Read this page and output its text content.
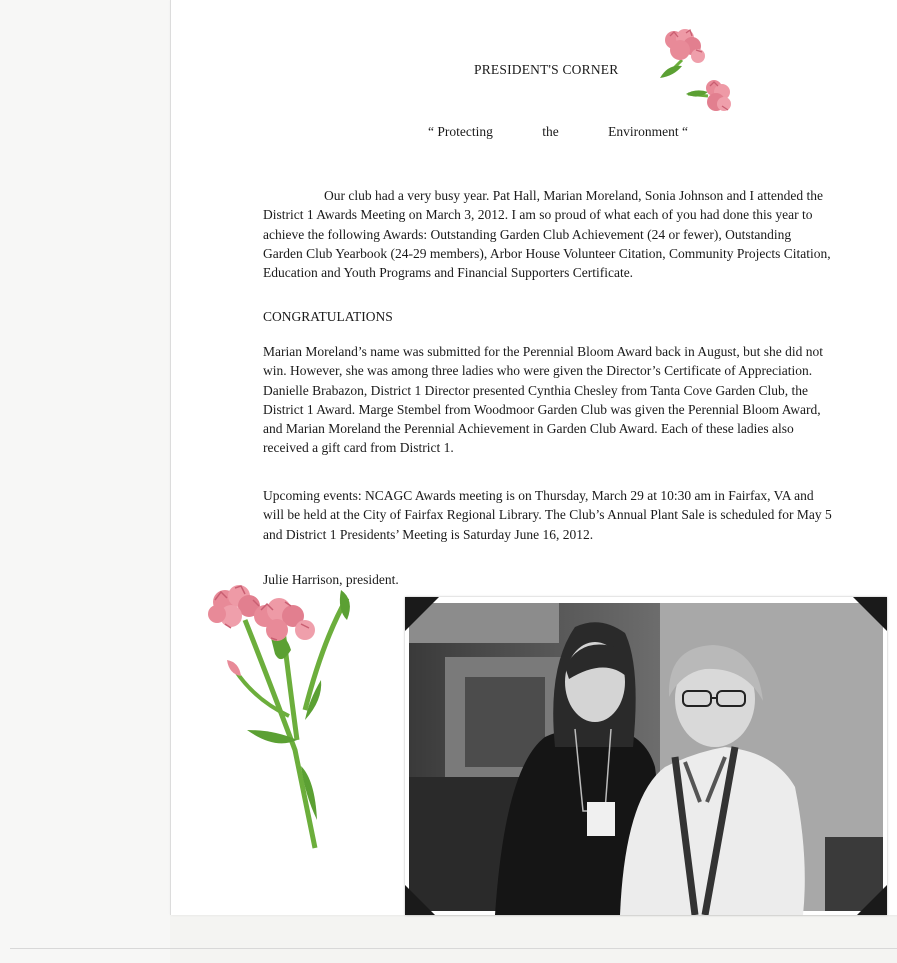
PRESIDENT'S CORNER
“ Protecting	the	Environment “

Our club had a very busy year. Pat Hall, Marian Moreland, Sonia Johnson and I attended the District 1 Awards Meeting on March 3, 2012. I am so proud of what each of you had done this year to achieve the following Awards: Outstanding Garden Club Achievement (24 or fewer), Outstanding Garden Club Yearbook (24-29 members), Arbor House Volunteer Citation, Community Projects Citation, Education and Youth Programs and Financial Supporters Certificate.

CONGRATULATIONS

Marian Moreland’s name was submitted for the Perennial Bloom Award back in August, but she did not win. However, she was among three ladies who were given the Director’s Certificate of Appreciation. Danielle Brabazon, District 1 Director presented Cynthia Chesley from Tanta Cove Garden Club, the District 1 Award. Marge Stembel from Woodmoor Garden Club was given the Perennial Bloom Award, and Marian Moreland the Perennial Achievement in Garden Club Award. Each of these ladies also received a gift card from District 1.

Upcoming events: NCAGC Awards meeting is on Thursday, March 29 at 10:30 am in Fairfax, VA and will be held at the City of Fairfax Regional Library. The Club’s Annual Plant Sale is scheduled for May 5 and District 1 Presidents’ Meeting is Saturday June 16, 2012.

Julie Harrison, president.
